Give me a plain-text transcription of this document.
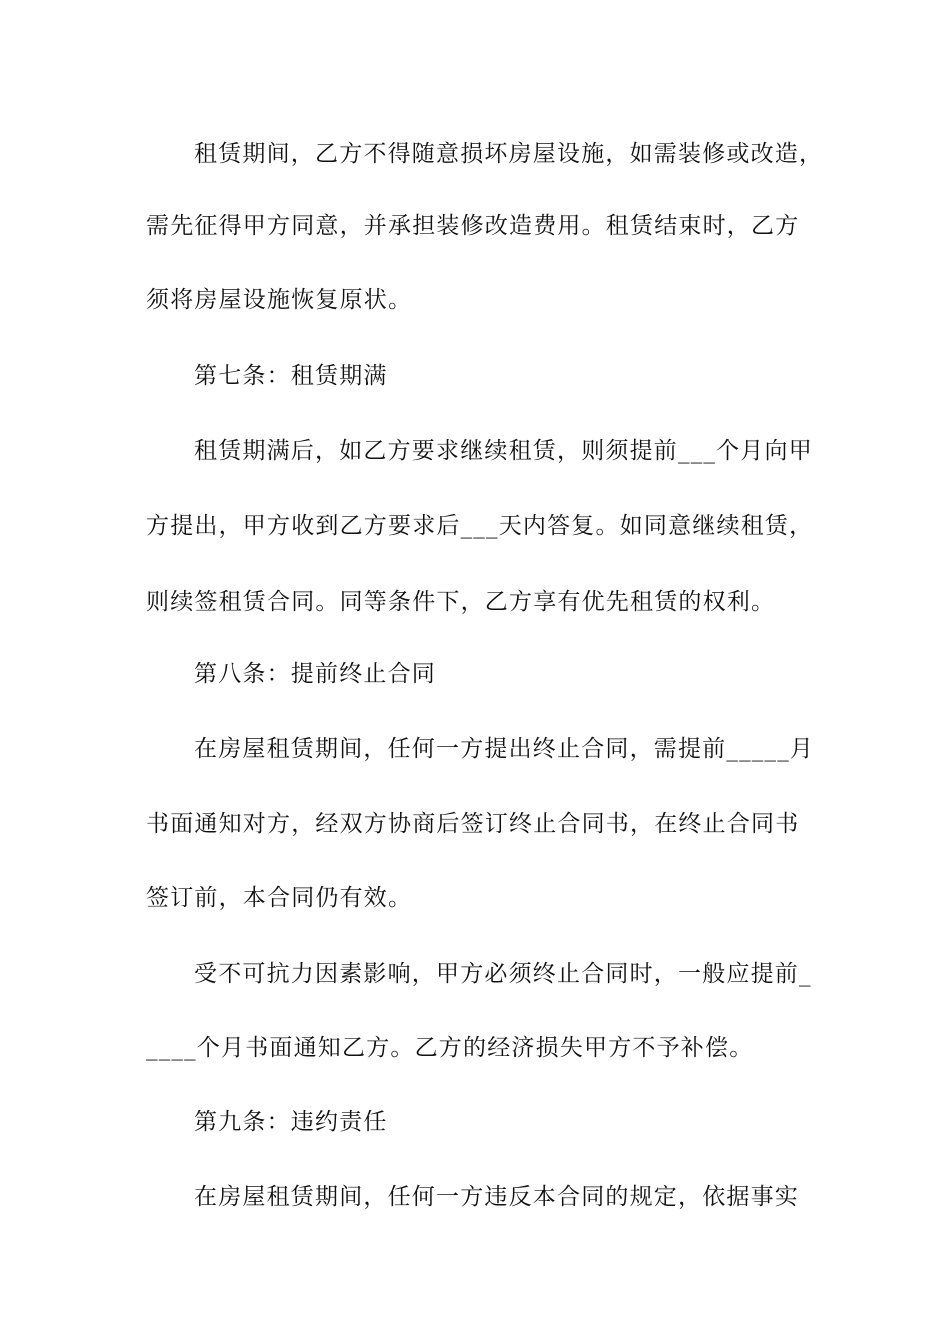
租赁期间，乙方不得随意损坏房屋设施，如需装修或改造，
需先征得甲方同意，并承担装修改造费用。租赁结束时，乙方
须将房屋设施恢复原状。
第七条：租赁期满
租赁期满后，如乙方要求继续租赁，则须提前___个月向甲
方提出，甲方收到乙方要求后___天内答复。如同意继续租赁，
则续签租赁合同。同等条件下，乙方享有优先租赁的权利。
第八条：提前终止合同
在房屋租赁期间，任何一方提出终止合同，需提前_____月
书面通知对方，经双方协商后签订终止合同书，在终止合同书
签订前，本合同仍有效。
受不可抗力因素影响，甲方必须终止合同时，一般应提前_
____个月书面通知乙方。乙方的经济损失甲方不予补偿。
第九条：违约责任
在房屋租赁期间，任何一方违反本合同的规定，依据事实
